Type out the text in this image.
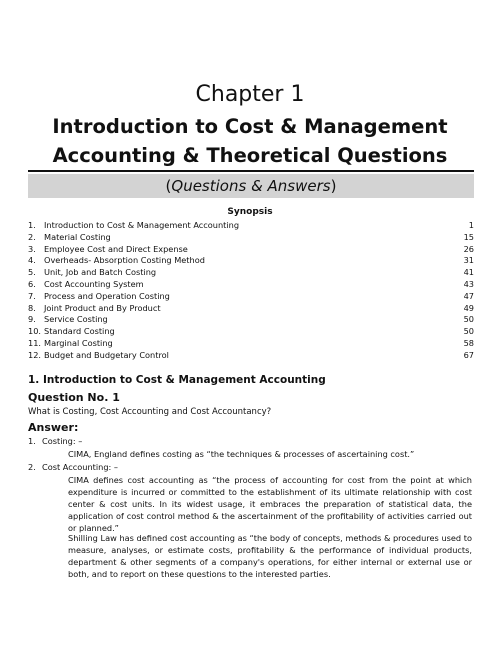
Chapter 1
Introduction to Cost & Management
Accounting & Theoretical Questions
(Questions & Answers)
Synopsis
1. Introduction to Cost & Management Accounting	1
2. Material Costing	15
3. Employee Cost and Direct Expense	26
4. Overheads- Absorption Costing Method	31
5. Unit, Job and Batch Costing	41
6. Cost Accounting System	43
7. Process and Operation Costing	47
8. Joint Product and By Product	49
9. Service Costing	50
10. Standard Costing	50
11. Marginal Costing	58
12. Budget and Budgetary Control	67
1. Introduction to Cost & Management Accounting
Question No. 1
What is Costing, Cost Accounting and Cost Accountancy?
Answer:
1. Costing: –
CIMA, England defines costing as “the techniques & processes of ascertaining cost.”
2. Cost Accounting: –
CIMA defines cost accounting as “the process of accounting for cost from the point at which expenditure is incurred or committed to the establishment of its ultimate relationship with cost center & cost units. In its widest usage, it embraces the preparation of statistical data, the application of cost control method & the ascertainment of the profitability of activities carried out or planned.”
Shilling Law has defined cost accounting as “the body of concepts, methods & procedures used to measure, analyses, or estimate costs, profitability & the performance of individual products, department & other segments of a company's operations, for either internal or external use or both, and to report on these questions to the interested parties.
